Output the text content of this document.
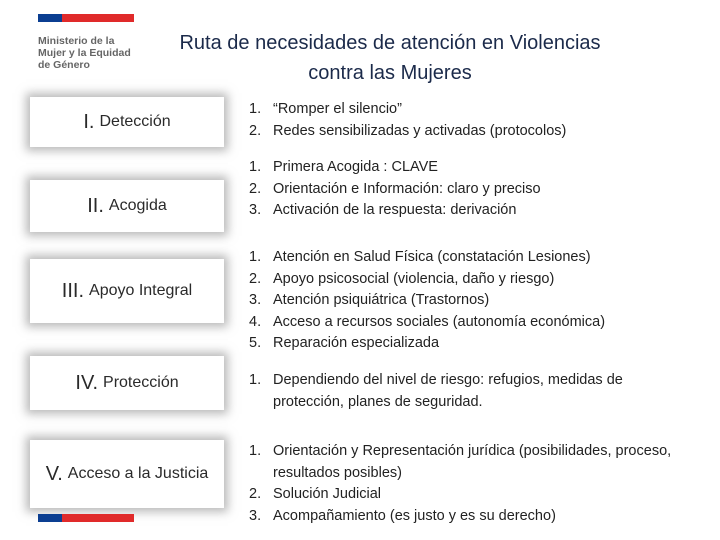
Ministerio de la
Mujer y la Equidad
de Género
Ruta de necesidades de atención en Violencias
contra las Mujeres
I. Detección
1. “Romper el silencio”
2. Redes sensibilizadas y activadas (protocolos)
II. Acogida
1. Primera Acogida : CLAVE
2. Orientación e Información: claro y preciso
3. Activación de la respuesta: derivación
III. Apoyo Integral
1. Atención en Salud Física (constatación Lesiones)
2. Apoyo psicosocial (violencia, daño y riesgo)
3. Atención psiquiátrica (Trastornos)
4. Acceso a recursos sociales (autonomía económica)
5. Reparación especializada
IV. Protección	1. Dependiendo del nivel de riesgo: refugios, medidas de protección, planes de seguridad.
V. Acceso a la Justicia
1. Orientación y Representación jurídica (posibilidades, proceso, resultados posibles)
2. Solución Judicial
3. Acompañamiento (es justo y es su derecho)
